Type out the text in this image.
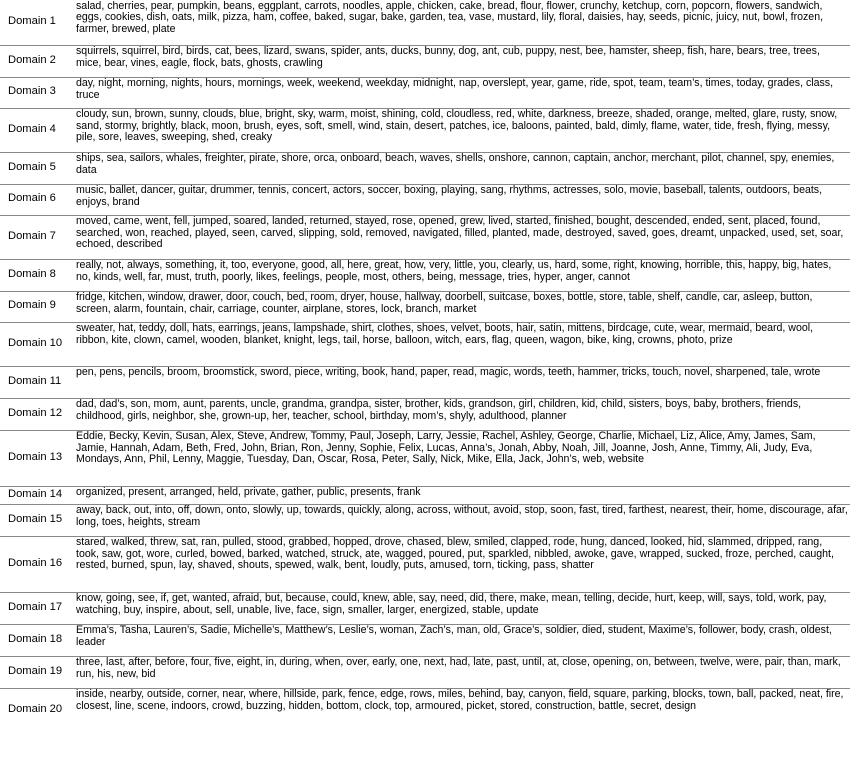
Domain 1	salad, cherries, pear, pumpkin, beans, eggplant, carrots, noodles, apple, chicken, cake, bread, flour, flower, crunchy, ketchup, corn, popcorn, flowers, sandwich, eggs, cookies, dish, oats, milk, pizza, ham, coffee, baked, sugar, bake, garden, tea, vase, mustard, lily, floral, daisies, hay, seeds, picnic, juicy, nut, bowl, frozen, farmer, brewed, plate
Domain 2	squirrels, squirrel, bird, birds, cat, bees, lizard, swans, spider, ants, ducks, bunny, dog, ant, cub, puppy, nest, bee, hamster, sheep, fish, hare, bears, tree, trees, mice, bear, vines, eagle, flock, bats, ghosts, crawling
Domain 3	day, night, morning, nights, hours, mornings, week, weekend, weekday, midnight, nap, overslept, year, game, ride, spot, team, team’s, times, today, grades, class, truce
Domain 4	cloudy, sun, brown, sunny, clouds, blue, bright, sky, warm, moist, shining, cold, cloudless, red, white, darkness, breeze, shaded, orange, melted, glare, rusty, snow, sand, stormy, brightly, black, moon, brush, eyes, soft, smell, wind, stain, desert, patches, ice, baloons, painted, bald, dimly, flame, water, tide, fresh, flying, messy, pile, sore, leaves, sweeping, shed, creaky
Domain 5	ships, sea, sailors, whales, freighter, pirate, shore, orca, onboard, beach, waves, shells, onshore, cannon, captain, anchor, merchant, pilot, channel, spy, enemies, data
Domain 6	music, ballet, dancer, guitar, drummer, tennis, concert, actors, soccer, boxing, playing, sang, rhythms, actresses, solo, movie, baseball, talents, outdoors, beats, enjoys, brand
Domain 7	moved, came, went, fell, jumped, soared, landed, returned, stayed, rose, opened, grew, lived, started, finished, bought, descended, ended, sent, placed, found, searched, won, reached, played, seen, carved, slipping, sold, removed, navigated, filled, planted, made, destroyed, saved, goes, dreamt, unpacked, used, set, soar, echoed, described
Domain 8	really, not, always, something, it, too, everyone, good, all, here, great, how, very, little, you, clearly, us, hard, some, right, knowing, horrible, this, happy, big, hates, no, kinds, well, far, must, truth, poorly, likes, feelings, people, most, others, being, message, tries, hyper, anger, cannot
Domain 9	fridge, kitchen, window, drawer, door, couch, bed, room, dryer, house, hallway, doorbell, suitcase, boxes, bottle, store, table, shelf, candle, car, asleep, button, screen, alarm, fountain, chair, carriage, counter, airplane, stores, lock, branch, market
Domain 10	sweater, hat, teddy, doll, hats, earrings, jeans, lampshade, shirt, clothes, shoes, velvet, boots, hair, satin, mittens, birdcage, cute, wear, mermaid, beard, wool, ribbon, kite, clown, camel, wooden, blanket, knight, legs, tail, horse, balloon, witch, ears, flag, queen, wagon, bike, king, crowns, photo, prize
Domain 11	pen, pens, pencils, broom, broomstick, sword, piece, writing, book, hand, paper, read, magic, words, teeth, hammer, tricks, touch, novel, sharpened, tale, wrote
Domain 12	dad, dad’s, son, mom, aunt, parents, uncle, grandma, grandpa, sister, brother, kids, grandson, girl, children, kid, child, sisters, boys, baby, brothers, friends, childhood, girls, neighbor, she, grown-up, her, teacher, school, birthday, mom’s, shyly, adulthood, planner
Domain 13	Eddie, Becky, Kevin, Susan, Alex, Steve, Andrew, Tommy, Paul, Joseph, Larry, Jessie, Rachel, Ashley, George, Charlie, Michael, Liz, Alice, Amy, James, Sam, Jamie, Hannah, Adam, Beth, Fred, John, Brian, Ron, Jenny, Sophie, Felix, Lucas, Anna’s, Jonah, Abby, Noah, Jill, Joanne, Josh, Anne, Timmy, Ali, Judy, Eva, Mondays, Ann, Phil, Lenny, Maggie, Tuesday, Dan, Oscar, Rosa, Peter, Sally, Nick, Mike, Ella, Jack, John’s, web, website
Domain 14	organized, present, arranged, held, private, gather, public, presents, frank
Domain 15	away, back, out, into, off, down, onto, slowly, up, towards, quickly, along, across, without, avoid, stop, soon, fast, tired, farthest, nearest, their, home, discourage, afar, long, toes, heights, stream
Domain 16	stared, walked, threw, sat, ran, pulled, stood, grabbed, hopped, drove, chased, blew, smiled, clapped, rode, hung, danced, looked, hid, slammed, dripped, rang, took, saw, got, wore, curled, bowed, barked, watched, struck, ate, wagged, poured, put, sparkled, nibbled, awoke, gave, wrapped, sucked, froze, perched, caught, rested, burned, spun, lay, shaved, shouts, spewed, walk, bent, loudly, puts, amused, torn, ticking, pass, shatter
Domain 17	know, going, see, if, get, wanted, afraid, but, because, could, knew, able, say, need, did, there, make, mean, telling, decide, hurt, keep, will, says, told, work, pay, watching, buy, inspire, about, sell, unable, live, face, sign, smaller, larger, energized, stable, update
Domain 18	Emma’s, Tasha, Lauren’s, Sadie, Michelle’s, Matthew’s, Leslie’s, woman, Zach’s, man, old, Grace’s, soldier, died, student, Maxime’s, follower, body, crash, oldest, leader
Domain 19	three, last, after, before, four, five, eight, in, during, when, over, early, one, next, had, late, past, until, at, close, opening, on, between, twelve, were, pair, than, mark, run, his, new, bid
Domain 20	inside, nearby, outside, corner, near, where, hillside, park, fence, edge, rows, miles, behind, bay, canyon, field, square, parking, blocks, town, ball, packed, neat, fire, closest, line, scene, indoors, crowd, buzzing, hidden, bottom, clock, top, armoured, picket, stored, construction, battle, secret, design
